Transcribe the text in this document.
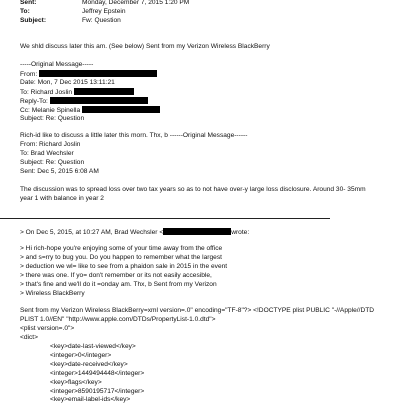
Sent:	Monday, December 7, 2015 1:20 PM
To:	Jeffrey Epstein
Subject:	Fw: Question
We shld discuss later this am. (See below) Sent from my Verizon Wireless BlackBerry
-----Original Message-----
From:
Date: Mon, 7 Dec 2015 13:11:21
To: Richard Joslin
Reply-To:
Cc: Melanie Spinella
Subject: Re: Question
Rich-id like to discuss a little later this morn. Thx, b ------Original Message------
From: Richard Joslin
To: Brad Wechsler
Subject: Re: Question
Sent: Dec 5, 2015 6:08 AM
The discussion was to spread loss over two tax years so as to not have over-y large loss disclosure. Around 30- 35mm
year 1 with balance in year 2
> On Dec 5, 2015, at 10:27 AM, Brad Wechsler <	wrote:
> Hi rich-hope you're enjoying some of your time away from the office
> and s=rry to bug you. Do you happen to remember what the largest
> deduction we wl= like to see from a phaidon sale in 2015 in the event
> there was one. If yo= don't remember or its not easily accesible,
> that's fine and we'll do it =onday am. Thx, b Sent from my Verizon
> Wireless BlackBerry
Sent from my Verizon Wireless BlackBerry=xml version=.0" encoding="TF-8"?> <!DOCTYPE plist PUBLIC "-//Apple//DTD
PLIST 1.0//EN" "http://www.apple.com/DTDs/PropertyList-1.0.dtd">
<plist version=.0">
<dict>
<key>date-last-viewed</key>
<integer>0</integer>
<key>date-received</key>
<integer>1449494448</integer>
<key>flags</key>
<integer>8590195717</integer>
<key>email-label-ids</key>
